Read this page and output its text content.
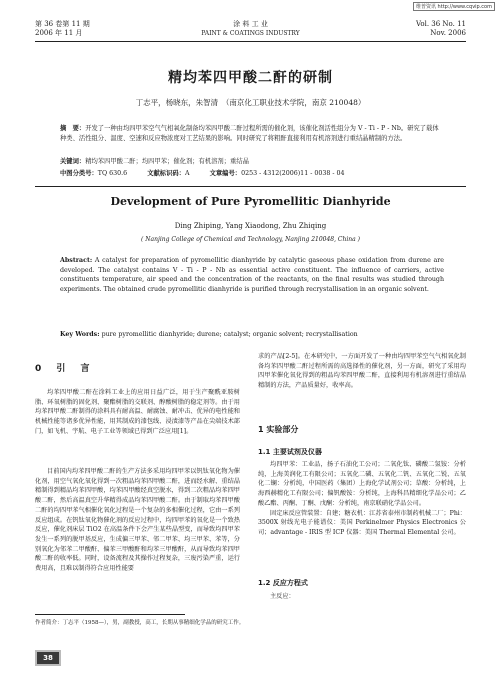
维普资讯 http://www.cqvip.com
第 36 卷第 11 期
2006 年 11 月
涂 料 工 业
PAINT & COATINGS INDUSTRY
Vol. 36 No. 11
Nov. 2006
精均苯四甲酸二酐的研制
丁志平，杨晓东，朱智清　（南京化工职业技术学院，南京 210048）
摘　要：开发了一种由均四甲苯空气气相氧化制备均苯四甲酸二酐过程所需的催化剂，该催化剂活性组分为 V - Ti - P - Nb。研究了载体种类、活性组分、温度、空速和反应物浓度对工艺结果的影响。同时研究了将粗酐直接利用有机溶剂进行重结晶精制的方法。
关键词：精均苯四甲酸二酐；均四甲苯；催化剂；有机溶剂；重结晶
中图分类号：TQ 630.6	文献标识码：A	文章编号：0253 - 4312(2006)11 - 0038 - 04
Development of Pure Pyromellitic Dianhyride
Ding Zhiping, Yang Xiaodong, Zhu Zhiqing
( Nanjing College of Chemical and Technology, Nanjing 210048, China )
Abstract: A catalyst for preparation of pyromellitic dianhyride by catalytic gaseous phase oxidation from durene are developed. The catalyst contains V - Ti - P - Nb as essential active constituent. The influence of carriers, active constituents temperature, air speed and the concentration of the reactants, on the final results was studied through experiments. The obtained crude pyromellitic dianhyride is purified through recrystallisation in an organic solvent.
Key Words: pure pyromellitic dianhyride; durene; catalyst; organic solvent; recrystallisation
0 引 言
均苯四甲酸二酐在涂料工业上的应用日益广泛，用于生产聚酰亚胺树脂、环氧树脂的固化剂、聚酯树脂的交联剂、醇酸树脂的稳定剂等。由于用均苯四甲酸二酐制得的涂料具有耐高温、耐腐蚀、耐冲击、优异的电性能和机械性能等诸多优异性能，用其制成的漆包线、浸渍漆等产品在尖端技术部门，如飞机、宇航、电子工业等领域已得到广泛应用[1]。
目前国内均苯四甲酸二酐的生产方法多采用均四甲苯以钒钛氧化物为催化剂，用空气氧化氧化得到一次粗品均苯四甲酸二酐，进而经水解、重结晶精制得到精品均苯四甲酸，均苯四甲酸经真空脱水，得到二次粗品均苯四甲酸二酐，然后高温真空升华精得成品均苯四甲酸二酐。由于制取均苯四甲酸二酐的均四甲苯气相催化氧化过程是一个复杂的多相催化过程，它由一系列反应组成。在钒钛氧化物催化剂的反应过程中，均四甲苯的氧化是一个致热反应，催化剂床层 TiO2 在高温条件下会产生某些晶型变，而导致均四甲苯发生一系列的脱甲基反应，生成偏三甲苯、邻二甲苯、均三甲苯、苯等，分别氧化为邻苯二甲酸酐、偏苯三甲酸酐和均苯三甲酸酐，从而导致均苯四甲酸二酐的收率低。同时，设备流程及其操作过程复杂，三废污染严重，运行费用高，且难以制得符合应用性能要
求的产品[2-5]。在本研究中，一方面开发了一种由均四甲苯空气气相氧化制备均苯四甲酸二酐过程所需的高选择性的催化剂，另一方面，研究了采用均四甲苯催化氧化得到的粗品均苯四甲酸二酐，直接利用有机溶剂进行重结晶精制的方法，产品质量好，收率高。
1 实验部分
1.1 主要试剂及仪器
均四甲苯：工业品，扬子石油化工公司；二氧化钛、磷酸二氢铵：分析纯，上海美润化工有限公司；五氧化二磷、五氧化二钒、五氧化二锐、五氧化二镧：分析纯，中国医药（集团）上海化学试剂公司；草酸：分析纯，上海西赫精化工有限公司；偏钒酸铵：分析纯，上海科昌精细化学品公司；乙酸乙酯、丙酮、丁酮、戊酮：分析纯，南京联硝化学品公司。
固定床反应管装置：自建；糖衣机：江苏省泰州市制药机械二厂；Phi：3500X 射线光电子能谱仪：美国 Perkinelmer Physics Electronics 公司；advantage - IRIS 型 ICP 仪器：美国 Thermal Elemental 公司。
1.2 反应方程式
主反应：
作者简介：丁志平（1958—），男，副教授，高工，长期从事精细化学品的研究工作。
38
